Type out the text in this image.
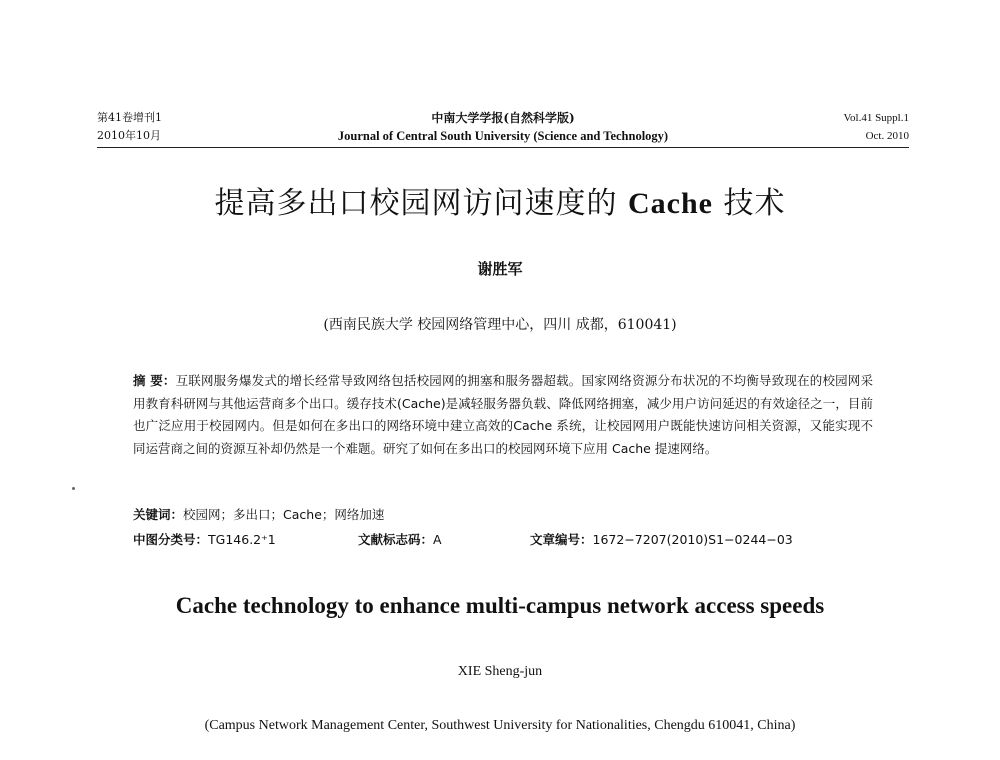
第41卷增刊1
2010年10月
中南大学学报(自然科学版)
Journal of Central South University (Science and Technology)
Vol.41 Suppl.1
Oct. 2010
提高多出口校园网访问速度的 Cache 技术
谢胜军
(西南民族大学 校园网络管理中心，四川 成都，610041)
摘 要：互联网服务爆发式的增长经常导致网络包括校园网的拥塞和服务器超载。国家网络资源分布状况的不均衡导致现在的校园网采用教育科研网与其他运营商多个出口。缓存技术(Cache)是减轻服务器负载、降低网络拥塞，减少用户访问延迟的有效途径之一，目前也广泛应用于校园网内。但是如何在多出口的网络环境中建立高效的Cache 系统，让校园网用户既能快速访问相关资源，又能实现不同运营商之间的资源互补却仍然是一个难题。研究了如何在多出口的校园网环境下应用 Cache 提速网络。
关键词：校园网；多出口；Cache；网络加速
中图分类号：TG146.2⁺1	文献标志码：A	文章编号：1672−7207(2010)S1−0244−03
Cache technology to enhance multi-campus network access speeds
XIE Sheng-jun
(Campus Network Management Center, Southwest University for Nationalities, Chengdu 610041, China)
